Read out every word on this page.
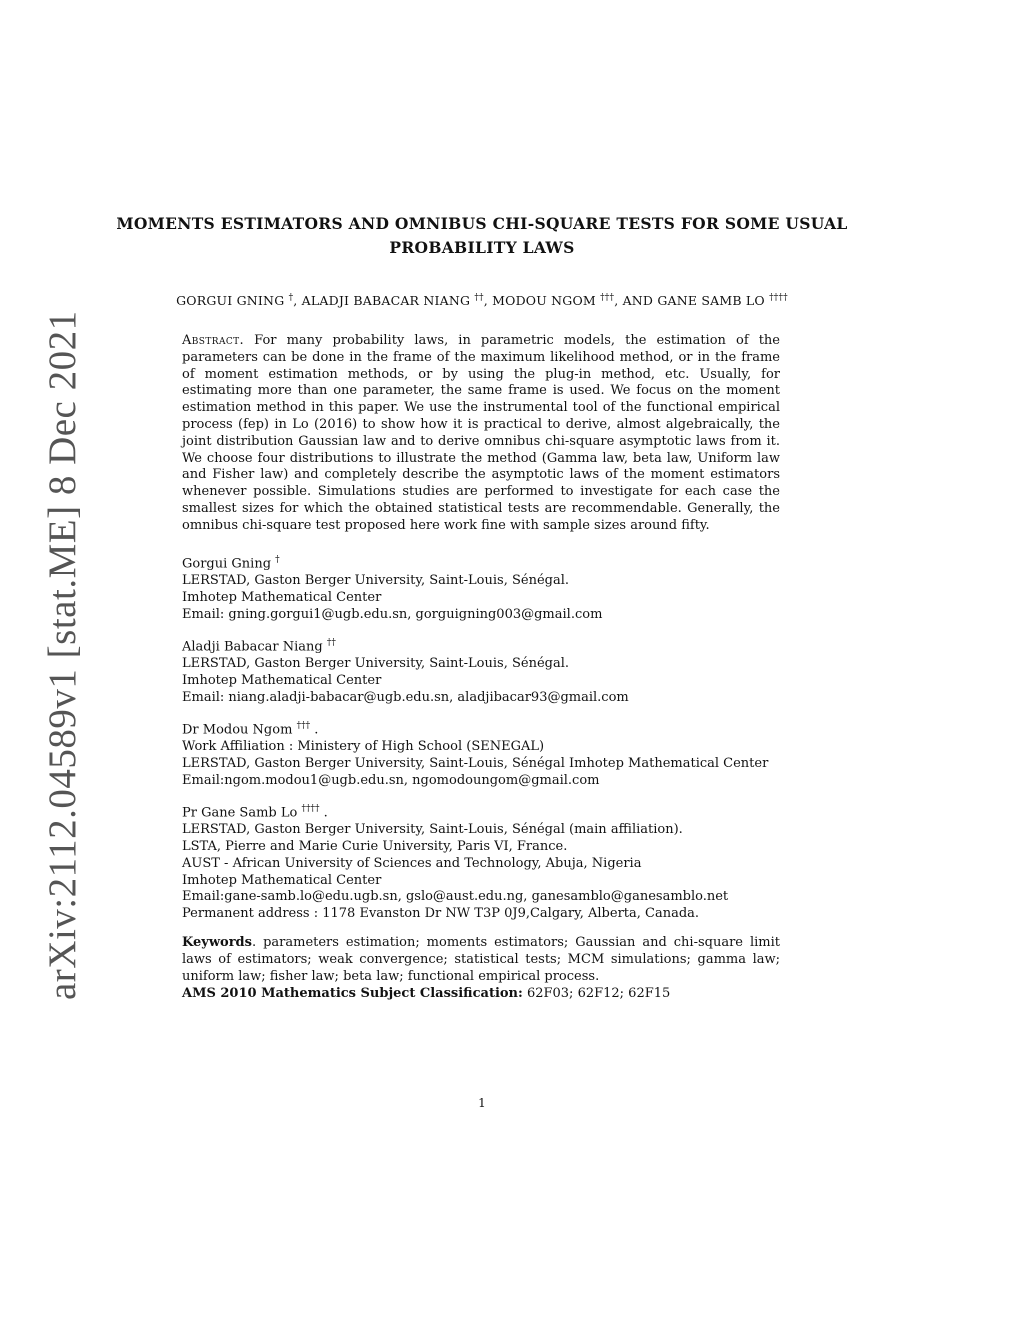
arXiv:2112.04589v1 [stat.ME] 8 Dec 2021
MOMENTS ESTIMATORS AND OMNIBUS CHI-SQUARE TESTS FOR SOME USUAL
PROBABILITY LAWS
GORGUI GNING †, ALADJI BABACAR NIANG ††, MODOU NGOM †††, AND GANE SAMB LO ††††
Abstract. For many probability laws, in parametric models, the estimation of the parameters can be done in the frame of the maximum likelihood method, or in the frame of moment estimation methods, or by using the plug-in method, etc. Usually, for estimating more than one parameter, the same frame is used. We focus on the moment estimation method in this paper. We use the instrumental tool of the functional empirical process (fep) in Lo (2016) to show how it is practical to derive, almost algebraically, the joint distribution Gaussian law and to derive omnibus chi-square asymptotic laws from it. We choose four distributions to illustrate the method (Gamma law, beta law, Uniform law and Fisher law) and completely describe the asymptotic laws of the moment estimators whenever possible. Simulations studies are performed to investigate for each case the smallest sizes for which the obtained statistical tests are recommendable. Generally, the omnibus chi-square test proposed here work fine with sample sizes around fifty.
Gorgui Gning †
LERSTAD, Gaston Berger University, Saint-Louis, Sénégal.
Imhotep Mathematical Center
Email: gning.gorgui1@ugb.edu.sn, gorguigning003@gmail.com
Aladji Babacar Niang ††
LERSTAD, Gaston Berger University, Saint-Louis, Sénégal.
Imhotep Mathematical Center
Email: niang.aladji-babacar@ugb.edu.sn, aladjibacar93@gmail.com
Dr Modou Ngom ††† .
Work Affiliation : Ministery of High School (SENEGAL)
LERSTAD, Gaston Berger University, Saint-Louis, Sénégal Imhotep Mathematical Center
Email:ngom.modou1@ugb.edu.sn, ngomodoungom@gmail.com
Pr Gane Samb Lo †††† .
LERSTAD, Gaston Berger University, Saint-Louis, Sénégal (main affiliation).
LSTA, Pierre and Marie Curie University, Paris VI, France.
AUST - African University of Sciences and Technology, Abuja, Nigeria
Imhotep Mathematical Center
Email:gane-samb.lo@edu.ugb.sn, gslo@aust.edu.ng, ganesamblo@ganesamblo.net
Permanent address : 1178 Evanston Dr NW T3P 0J9,Calgary, Alberta, Canada.
Keywords. parameters estimation; moments estimators; Gaussian and chi-square limit laws of estimators; weak convergence; statistical tests; MCM simulations; gamma law; uniform law; fisher law; beta law; functional empirical process.
AMS 2010 Mathematics Subject Classification: 62F03; 62F12; 62F15
1
